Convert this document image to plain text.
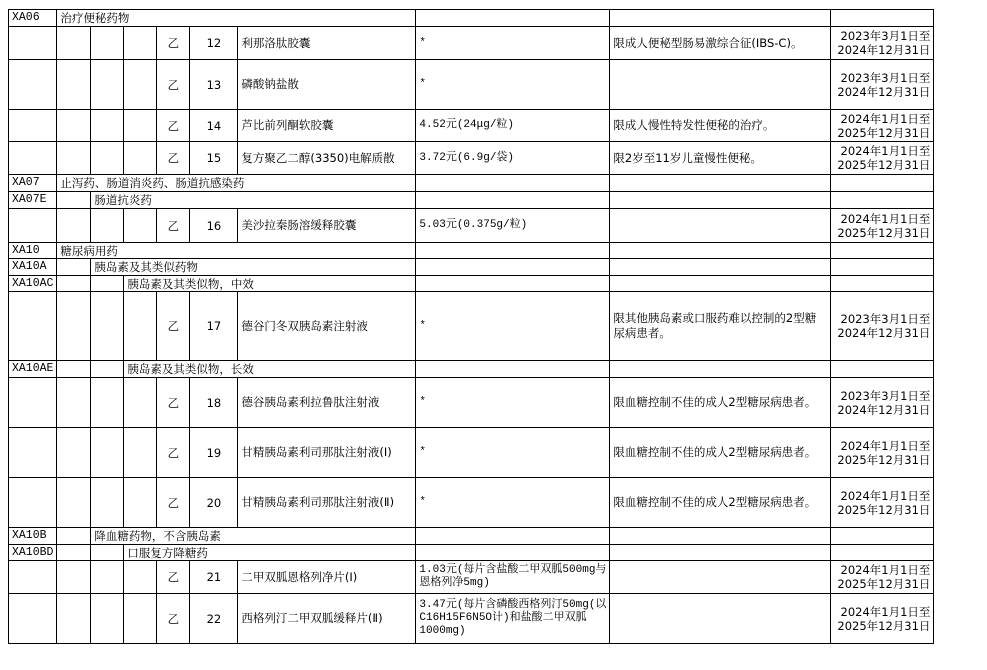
XA06	治疗便秘药物								
				乙	12	利那洛肽胶囊	*	限成人便秘型肠易激综合征(IBS-C)。	2023年3月1日至
2024年12月31日

				乙	13	磷酸钠盐散	*		2023年3月1日至
2024年12月31日

				乙	14	芦比前列酮软胶囊	4.52元(24μg/粒)	限成人慢性特发性便秘的治疗。	2024年1月1日至
2025年12月31日

				乙	15	复方聚乙二醇(3350)电解质散	3.72元(6.9g/袋)	限2岁至11岁儿童慢性便秘。	2024年1月1日至
2025年12月31日

XA07	止泻药、肠道消炎药、肠道抗感染药								
XA07E		肠道抗炎药							
				乙	16	美沙拉秦肠溶缓释胶囊	5.03元(0.375g/粒)		2024年1月1日至
2025年12月31日

XA10	糖尿病用药								
XA10A		胰岛素及其类似药物							
XA10AC			胰岛素及其类似物，中效						
				乙	17	德谷门冬双胰岛素注射液	*	限其他胰岛素或口服药难以控制的2型糖尿病患者。	2023年3月1日至
2024年12月31日

XA10AE			胰岛素及其类似物，长效						
				乙	18	德谷胰岛素利拉鲁肽注射液	*	限血糖控制不佳的成人2型糖尿病患者。	2023年3月1日至
2024年12月31日

				乙	19	甘精胰岛素利司那肽注射液(Ⅰ)	*	限血糖控制不佳的成人2型糖尿病患者。	2024年1月1日至
2025年12月31日

				乙	20	甘精胰岛素利司那肽注射液(Ⅱ)	*	限血糖控制不佳的成人2型糖尿病患者。	2024年1月1日至
2025年12月31日

XA10B		降血糖药物，不含胰岛素							
XA10BD			口服复方降糖药						
				乙	21	二甲双胍恩格列净片(Ⅰ)	1.03元(每片含盐酸二甲双胍500mg与恩格列净5mg)		2024年1月1日至
2025年12月31日

				乙	22	西格列汀二甲双胍缓释片(Ⅱ)	3.47元(每片含磷酸西格列汀50mg(以C16H15F6N5O计)和盐酸二甲双胍1000mg)		2024年1月1日至
2025年12月31日
